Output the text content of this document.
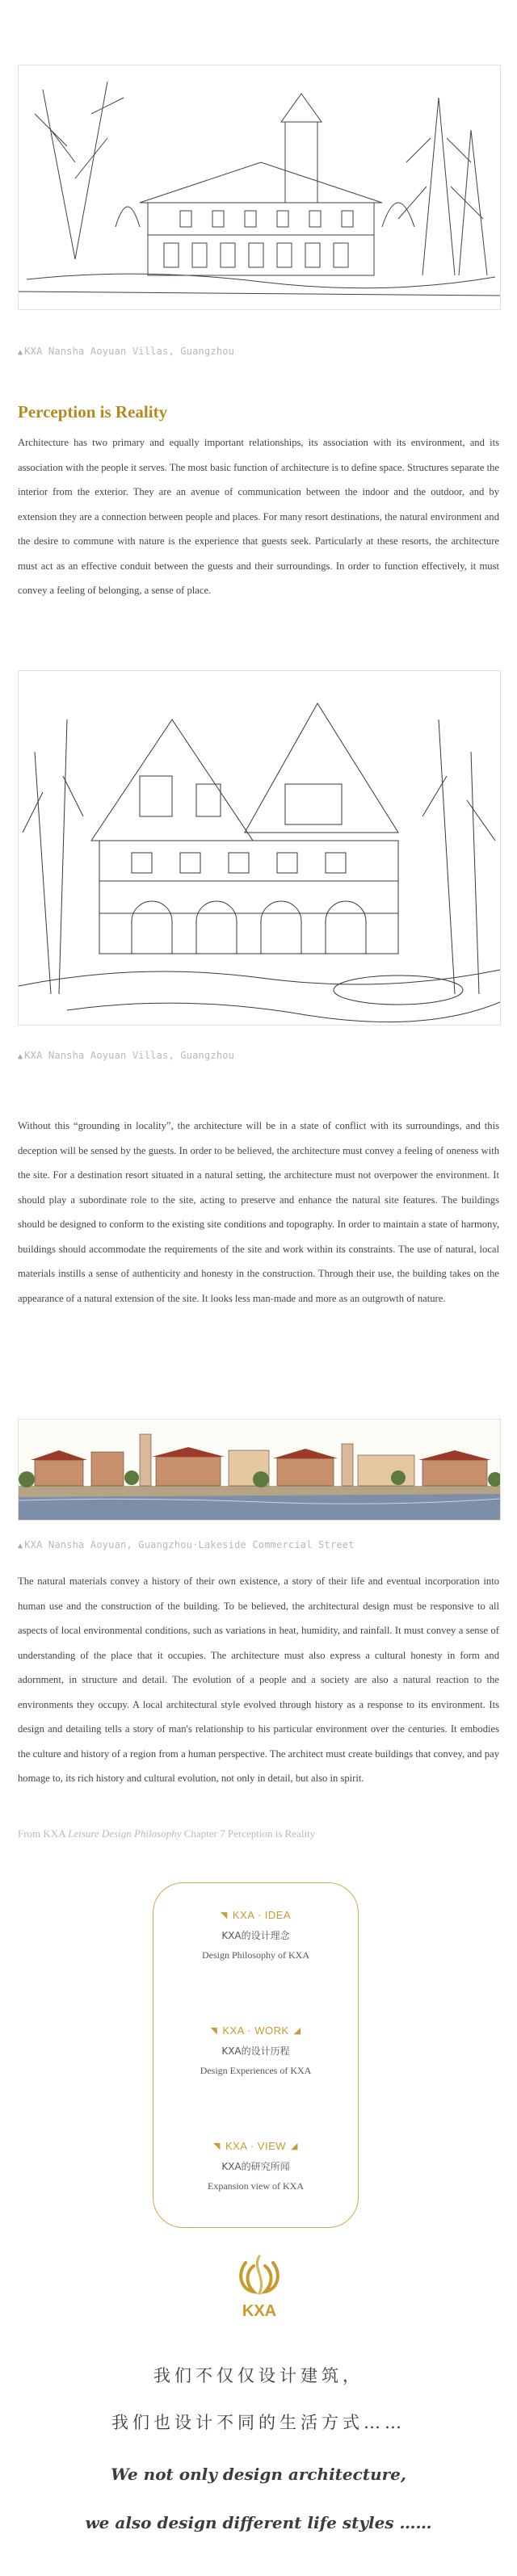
▲ KXA Nansha Aoyuan Villas, Guangzhou
Perception is Reality
Architecture has two primary and equally important relationships, its association with its environment, and its association with the people it serves. The most basic function of architecture is to define space. Structures separate the interior from the exterior. They are an avenue of communication between the indoor and the outdoor, and by extension they are a connection between people and places. For many resort destinations, the natural environment and the desire to commune with nature is the experience that guests seek. Particularly at these resorts, the architecture must act as an effective conduit between the guests and their surroundings. In order to function effectively, it must convey a feeling of belonging, a sense of place.
▲ KXA Nansha Aoyuan Villas, Guangzhou
Without this “grounding in locality”, the architecture will be in a state of conflict with its surroundings, and this deception will be sensed by the guests. In order to be believed, the architecture must convey a feeling of oneness with the site. For a destination resort situated in a natural setting, the architecture must not overpower the environment. It should play a subordinate role to the site, acting to preserve and enhance the natural site features. The buildings should be designed to conform to the existing site conditions and topography. In order to maintain a state of harmony, buildings should accommodate the requirements of the site and work within its constraints. The use of natural, local materials instills a sense of authenticity and honesty in the construction. Through their use, the building takes on the appearance of a natural extension of the site. It looks less man-made and more as an outgrowth of nature.
▲ KXA Nansha Aoyuan, Guangzhou·Lakeside Commercial Street
The natural materials convey a history of their own existence, a story of their life and eventual incorporation into human use and the construction of the building. To be believed, the architectural design must be responsive to all aspects of local environmental conditions, such as variations in heat, humidity, and rainfall. It must convey a sense of understanding of the place that it occupies. The architecture must also express a cultural honesty in form and adornment, in structure and detail. The evolution of a people and a society are also a natural reaction to the environments they occupy. A local architectural style evolved through history as a response to its environment. Its design and detailing tells a story of man's relationship to his particular environment over the centuries. It embodies the culture and history of a region from a human perspective. The architect must create buildings that convey, and pay homage to, its rich history and cultural evolution, not only in detail, but also in spirit.
From KXA Leisure Design Philosophy Chapter 7 Perception is Reality
◥ KXA · IDEA
KXA的设计理念
Design Philosophy of KXA
◥ KXA · WORK ◢
KXA的设计历程
Design Experiences of KXA
◥ KXA · VIEW ◢
KXA的研究所闻
Expansion view of KXA
KXA
我们不仅仅设计建筑，
我们也设计不同的生活方式……
We not only design architecture,
we also design different life styles ……
